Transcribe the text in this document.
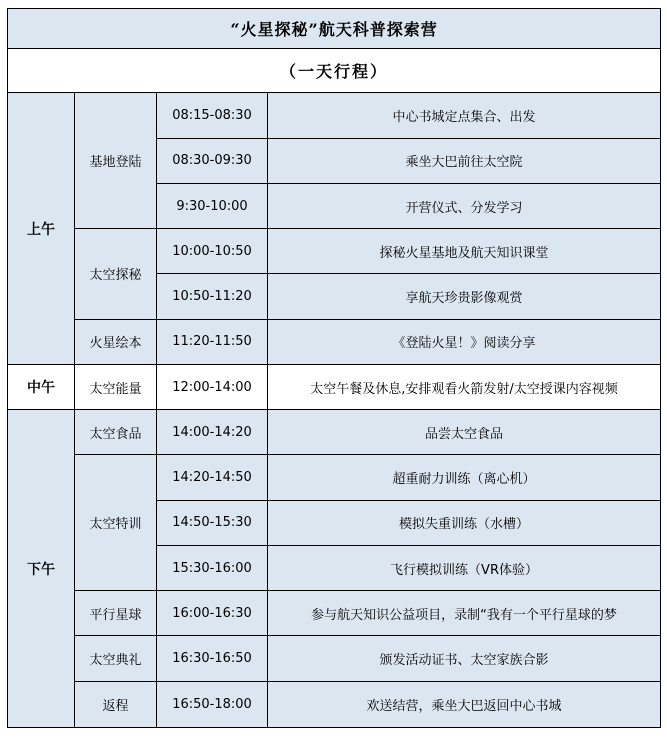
“火星探秘”航天科普探索营			
（一天行程）			
上午	基地登陆	08:15-08:30	中心书城定点集合、出发
		08:30-09:30	乘坐大巴前往太空院
		9:30-10:00	开营仪式、分发学习
	太空探秘	10:00-10:50	探秘火星基地及航天知识课堂
		10:50-11:20	享航天珍贵影像观赏
	火星绘本	11:20-11:50	《登陆火星！》阅读分享
中午	太空能量	12:00-14:00	太空午餐及休息,安排观看火箭发射/太空授课内容视频
下午	太空食品	14:00-14:20	品尝太空食品
	太空特训	14:20-14:50	超重耐力训练（离心机）
		14:50-15:30	模拟失重训练（水槽）
		15:30-16:00	飞行模拟训练（VR体验）
	平行星球	16:00-16:30	参与航天知识公益项目，录制“我有一个平行星球的梦
	太空典礼	16:30-16:50	颁发活动证书、太空家族合影
	返程	16:50-18:00	欢送结营，乘坐大巴返回中心书城
